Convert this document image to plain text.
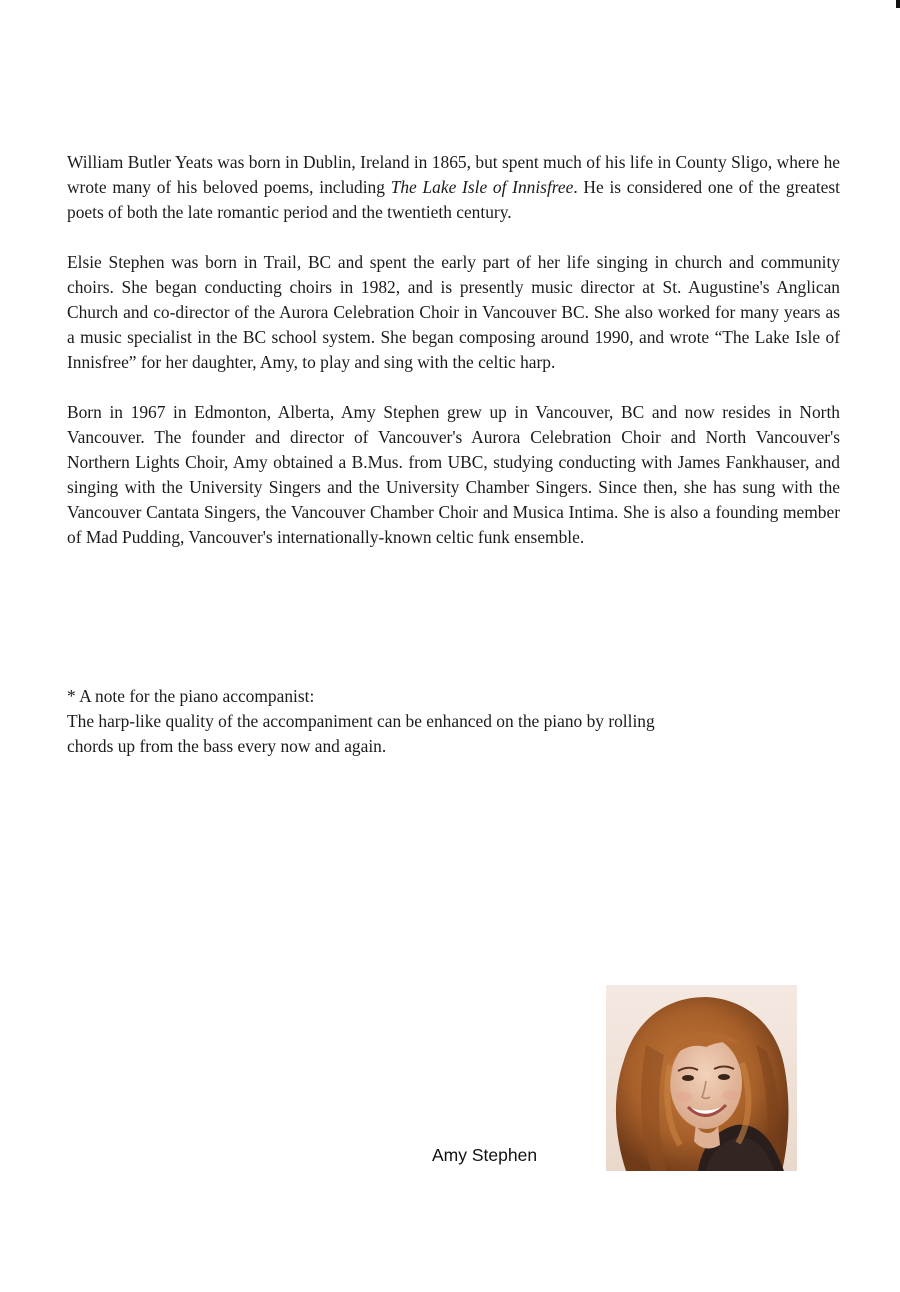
William Butler Yeats was born in Dublin, Ireland in 1865, but spent much of his life in County Sligo, where he wrote many of his beloved poems, including The Lake Isle of Innisfree. He is considered one of the greatest poets of both the late romantic period and the twentieth century.

Elsie Stephen was born in Trail, BC and spent the early part of her life singing in church and community choirs. She began conducting choirs in 1982, and is presently music director at St. Augustine's Anglican Church and co-director of the Aurora Celebration Choir in Vancouver BC. She also worked for many years as a music specialist in the BC school system. She began composing around 1990, and wrote “The Lake Isle of Innisfree” for her daughter, Amy, to play and sing with the celtic harp.

Born in 1967 in Edmonton, Alberta, Amy Stephen grew up in Vancouver, BC and now resides in North Vancouver. The founder and director of Vancouver's Aurora Celebration Choir and North Vancouver's Northern Lights Choir, Amy obtained a B.Mus. from UBC, studying conducting with James Fankhauser, and singing with the University Singers and the University Chamber Singers. Since then, she has sung with the Vancouver Cantata Singers, the Vancouver Chamber Choir and Musica Intima. She is also a founding member of Mad Pudding, Vancouver's internationally-known celtic funk ensemble.

* A note for the piano accompanist:

The harp-like quality of the accompaniment can be enhanced on the piano by rolling

chords up from the bass every now and again.

Amy Stephen
